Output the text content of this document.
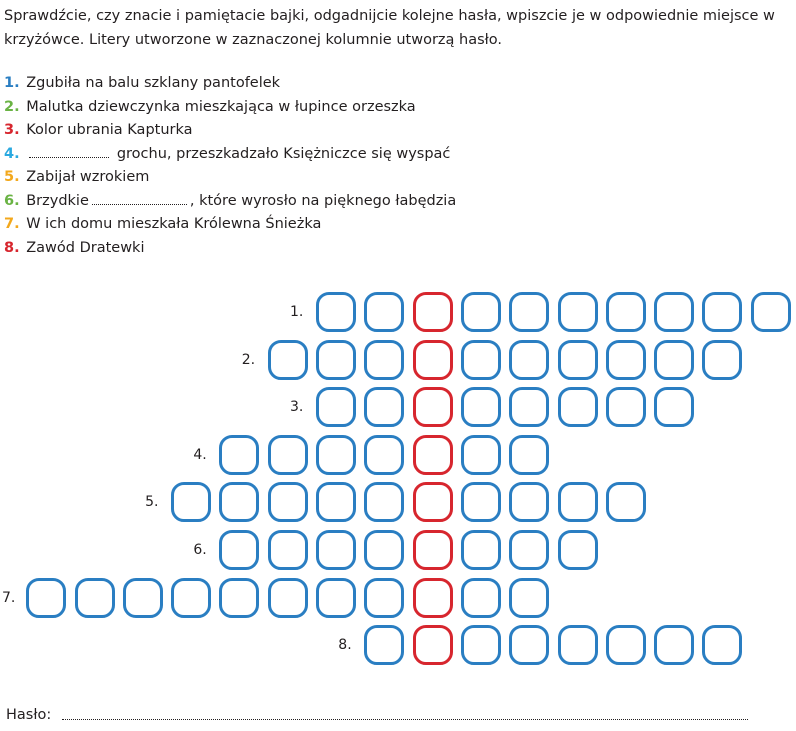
Sprawdźcie, czy znacie i pamiętacie bajki, odgadnijcie kolejne hasła, wpiszcie je w odpowiednie miejsce w krzyżówce. Litery utworzone w zaznaczonej kolumnie utworzą hasło.

1. Zgubiła na balu szklany pantofelek
2. Malutka dziewczynka mieszkająca w łupince orzeszka
3. Kolor ubrania Kapturka
4.	grochu, przeszkadzało Księżniczce się wyspać
5. Zabijał wzrokiem
6. Brzydkie	, które wyrosło na pięknego łabędzia
7. W ich domu mieszkała Królewna Śnieżka
8. Zawód Dratewki
1.
2.
3.
4.
5.
6.
7.
8.
Hasło:
